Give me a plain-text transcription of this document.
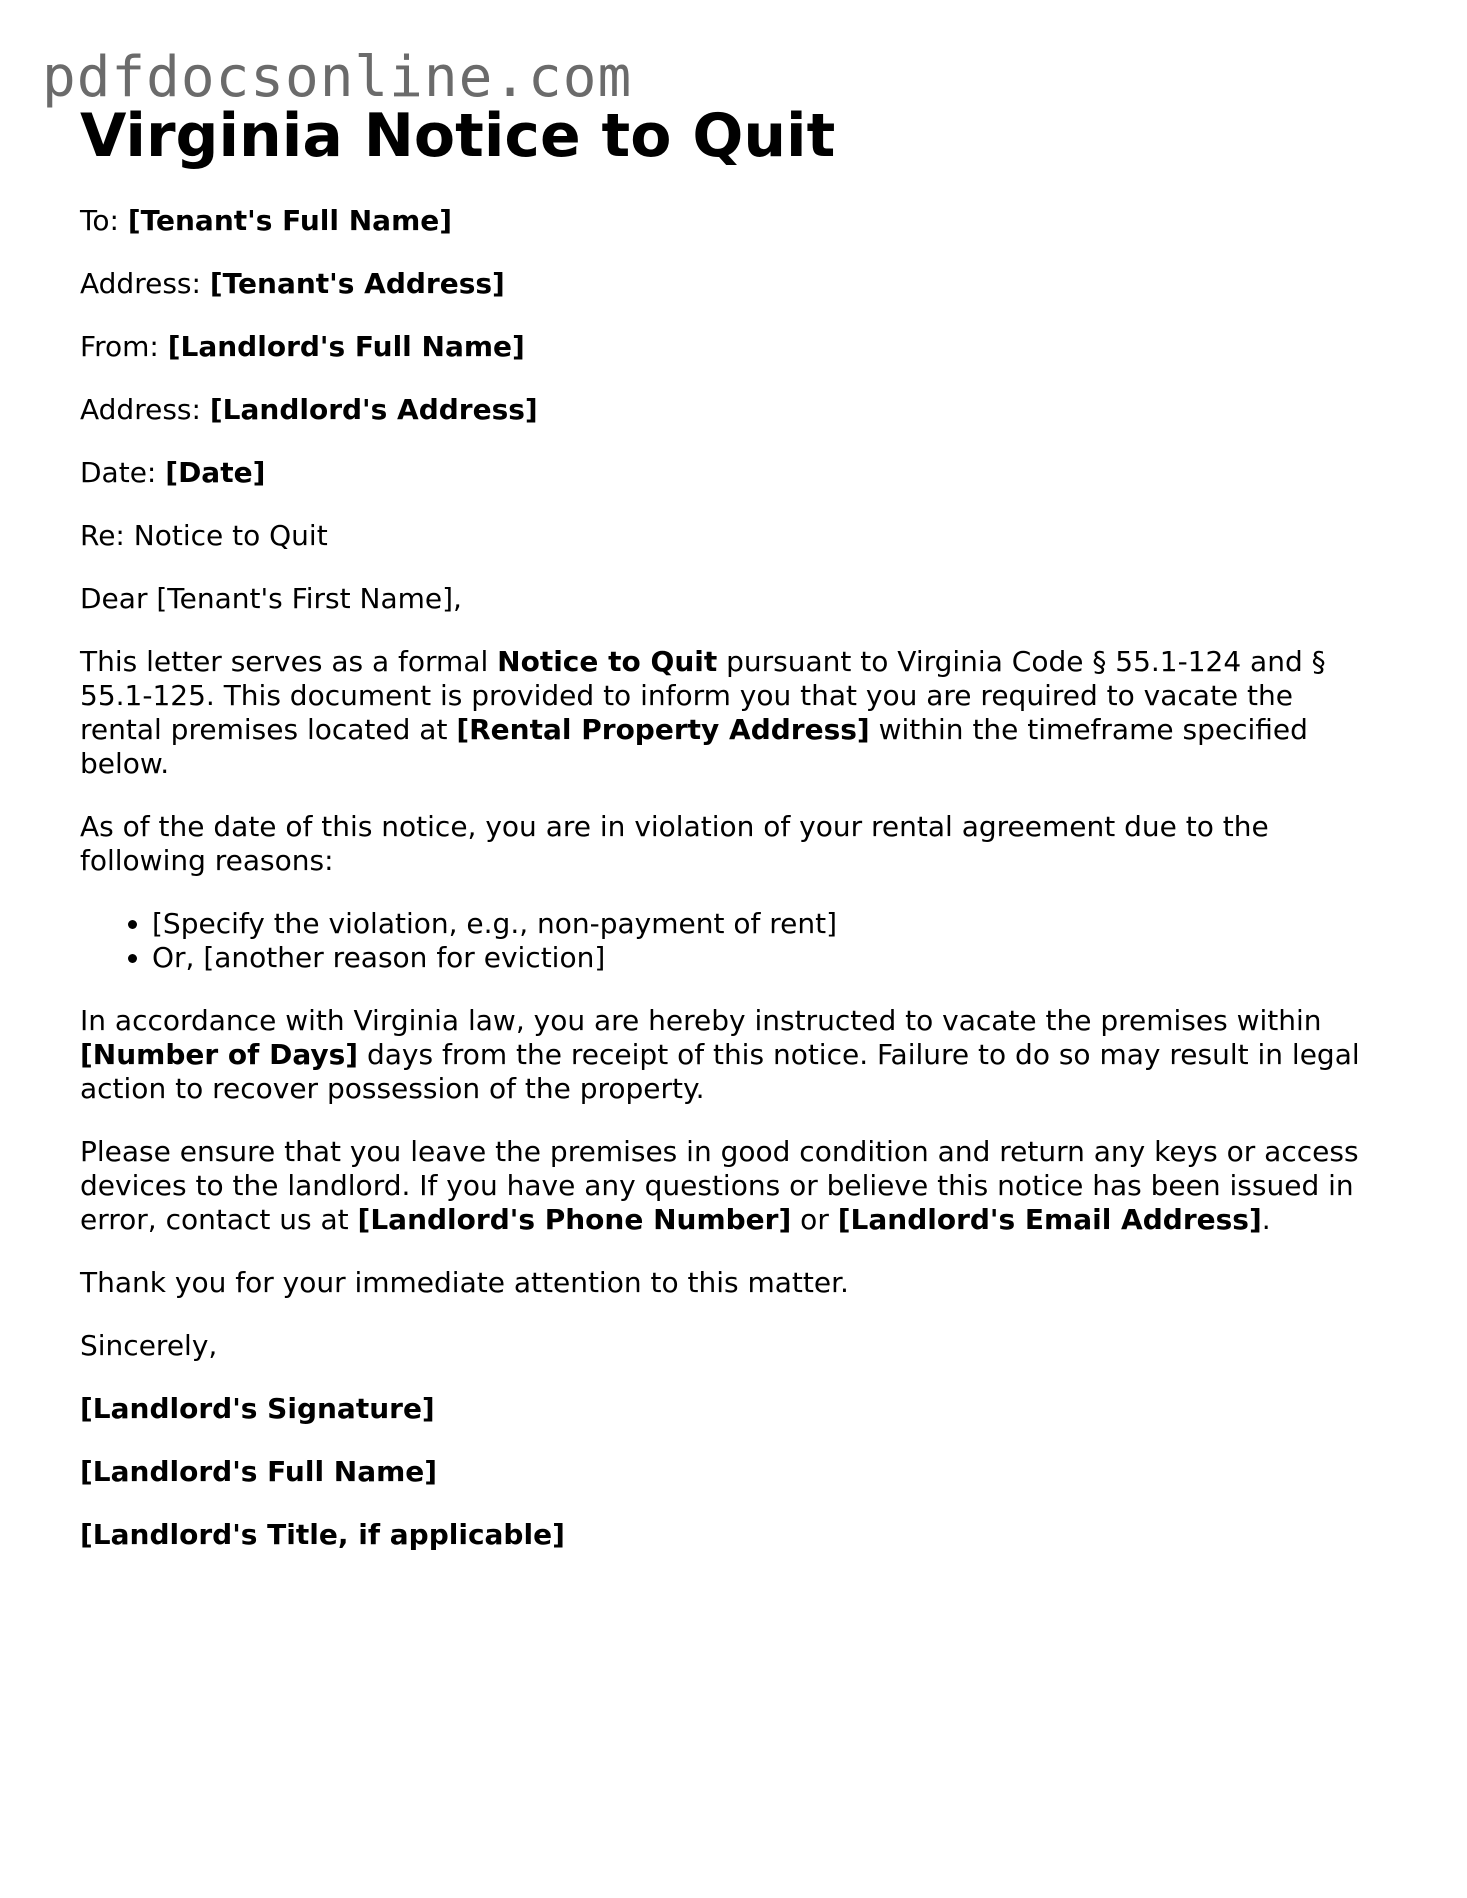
pdfdocsonline.com
Virginia Notice to Quit

To: [Tenant's Full Name]

Address: [Tenant's Address]

From: [Landlord's Full Name]

Address: [Landlord's Address]

Date: [Date]

Re: Notice to Quit

Dear [Tenant's First Name],

This letter serves as a formal Notice to Quit pursuant to Virginia Code § 55.1-124 and § 55.1-125. This document is provided to inform you that you are required to vacate the rental premises located at [Rental Property Address] within the timeframe specified below.

As of the date of this notice, you are in violation of your rental agreement due to the following reasons:

• [Specify the violation, e.g., non-payment of rent]
• Or, [another reason for eviction]

In accordance with Virginia law, you are hereby instructed to vacate the premises within [Number of Days] days from the receipt of this notice. Failure to do so may result in legal action to recover possession of the property.

Please ensure that you leave the premises in good condition and return any keys or access devices to the landlord. If you have any questions or believe this notice has been issued in error, contact us at [Landlord's Phone Number] or [Landlord's Email Address].

Thank you for your immediate attention to this matter.

Sincerely,

[Landlord's Signature]

[Landlord's Full Name]

[Landlord's Title, if applicable]
